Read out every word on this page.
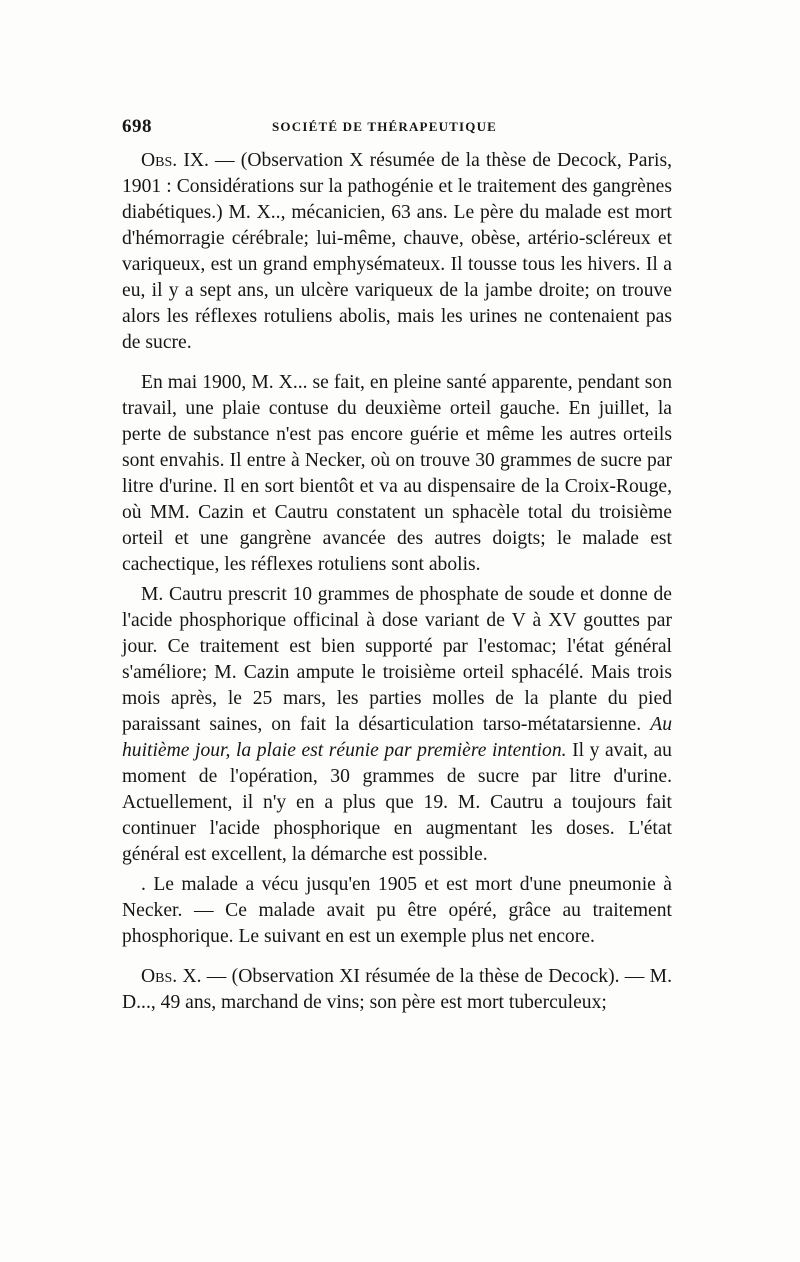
698	SOCIÉTÉ DE THÉRAPEUTIQUE

Obs. IX. — (Observation X résumée de la thèse de Decock, Paris, 1901 : Considérations sur la pathogénie et le traitement des gangrènes diabétiques.) M. X.., mécanicien, 63 ans. Le père du malade est mort d'hémorragie cérébrale; lui-même, chauve, obèse, artério-scléreux et variqueux, est un grand emphysémateux. Il tousse tous les hivers. Il a eu, il y a sept ans, un ulcère variqueux de la jambe droite; on trouve alors les réflexes rotuliens abolis, mais les urines ne contenaient pas de sucre.

En mai 1900, M. X... se fait, en pleine santé apparente, pendant son travail, une plaie contuse du deuxième orteil gauche. En juillet, la perte de substance n'est pas encore guérie et même les autres orteils sont envahis. Il entre à Necker, où on trouve 30 grammes de sucre par litre d'urine. Il en sort bientôt et va au dispensaire de la Croix-Rouge, où MM. Cazin et Cautru constatent un sphacèle total du troisième orteil et une gangrène avancée des autres doigts; le malade est cachectique, les réflexes rotuliens sont abolis.

M. Cautru prescrit 10 grammes de phosphate de soude et donne de l'acide phosphorique officinal à dose variant de V à XV gouttes par jour. Ce traitement est bien supporté par l'estomac; l'état général s'améliore; M. Cazin ampute le troisième orteil sphacélé. Mais trois mois après, le 25 mars, les parties molles de la plante du pied paraissant saines, on fait la désarticulation tarso-métatarsienne. Au huitième jour, la plaie est réunie par première intention. Il y avait, au moment de l'opération, 30 grammes de sucre par litre d'urine. Actuellement, il n'y en a plus que 19. M. Cautru a toujours fait continuer l'acide phosphorique en augmentant les doses. L'état général est excellent, la démarche est possible.

. Le malade a vécu jusqu'en 1905 et est mort d'une pneumonie à Necker. — Ce malade avait pu être opéré, grâce au traitement phosphorique. Le suivant en est un exemple plus net encore.

Obs. X. — (Observation XI résumée de la thèse de Decock). — M. D..., 49 ans, marchand de vins; son père est mort tuberculeux;
